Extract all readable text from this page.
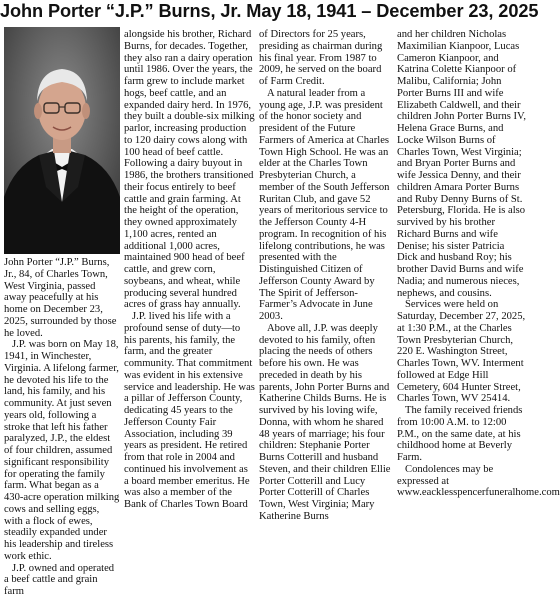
John Porter “J.P.” Burns, Jr. May 18, 1941 – December 23, 2025

John Porter “J.P.” Burns, Jr., 84, of Charles Town, West Virginia, passed away peacefully at his home on December 23, 2025, surrounded by those he loved.

J.P. was born on May 18, 1941, in Winchester, Virginia. A lifelong farmer, he devoted his life to the land, his family, and his community. At just seven years old, following a stroke that left his father paralyzed, J.P., the eldest of four children, assumed significant responsibility for operating the family farm. What began as a 430-acre operation milking cows and selling eggs, with a flock of ewes, steadily expanded under his leadership and tireless work ethic.

J.P. owned and operated a beef cattle and grain farm

alongside his brother, Richard Burns, for decades. Together, they also ran a dairy operation until 1986. Over the years, the farm grew to include market hogs, beef cattle, and an expanded dairy herd. In 1976, they built a double-six milking parlor, increasing production to 120 dairy cows along with 100 head of beef cattle. Following a dairy buyout in 1986, the brothers transitioned their focus entirely to beef cattle and grain farming. At the height of the operation, they owned approximately 1,100 acres, rented an additional 1,000 acres, maintained 900 head of beef cattle, and grew corn, soybeans, and wheat, while producing several hundred acres of grass hay annually.

J.P. lived his life with a profound sense of duty—to his parents, his family, the farm, and the greater community. That commitment was evident in his extensive service and leadership. He was a pillar of Jefferson County, dedicating 45 years to the Jefferson County Fair Association, including 39 years as president. He retired from that role in 2004 and continued his involvement as a board member emeritus. He was also a member of the Bank of Charles Town Board

of Directors for 25 years, presiding as chairman during his final year. From 1987 to 2009, he served on the board of Farm Credit.

A natural leader from a young age, J.P. was president of the honor society and president of the Future Farmers of America at Charles Town High School. He was an elder at the Charles Town Presbyterian Church, a member of the South Jefferson Ruritan Club, and gave 52 years of meritorious service to the Jefferson County 4-H program. In recognition of his lifelong contributions, he was presented with the Distinguished Citizen of Jefferson County Award by The Spirit of Jefferson-Farmer’s Advocate in June 2003.

Above all, J.P. was deeply devoted to his family, often placing the needs of others before his own. He was preceded in death by his parents, John Porter Burns and Katherine Childs Burns. He is survived by his loving wife, Donna, with whom he shared 48 years of marriage; his four children: Stephanie Porter Burns Cotterill and husband Steven, and their children Ellie Porter Cotterill and Lucy Porter Cotterill of Charles Town, West Virginia; Mary Katherine Burns

and her children Nicholas Maximilian Kianpoor, Lucas Cameron Kianpoor, and Katrina Colette Kianpoor of Malibu, California; John Porter Burns III and wife Elizabeth Caldwell, and their children John Porter Burns IV, Helena Grace Burns, and Locke Wilson Burns of Charles Town, West Virginia; and Bryan Porter Burns and wife Jessica Denny, and their children Amara Porter Burns and Ruby Denny Burns of St. Petersburg, Florida. He is also survived by his brother Richard Burns and wife Denise; his sister Patricia Dick and husband Roy; his brother David Burns and wife Nadia; and numerous nieces, nephews, and cousins.

Services were held on Saturday, December 27, 2025, at 1:30 P.M., at the Charles Town Presbyterian Church, 220 E. Washington Street, Charles Town, WV. Interment followed at Edge Hill Cemetery, 604 Hunter Street, Charles Town, WV 25414.

The family received friends from 10:00 A.M. to 12:00 P.M., on the same date, at his childhood home at Beverly Farm.

Condolences may be expressed at www.eacklesspencerfuneralhome.com
